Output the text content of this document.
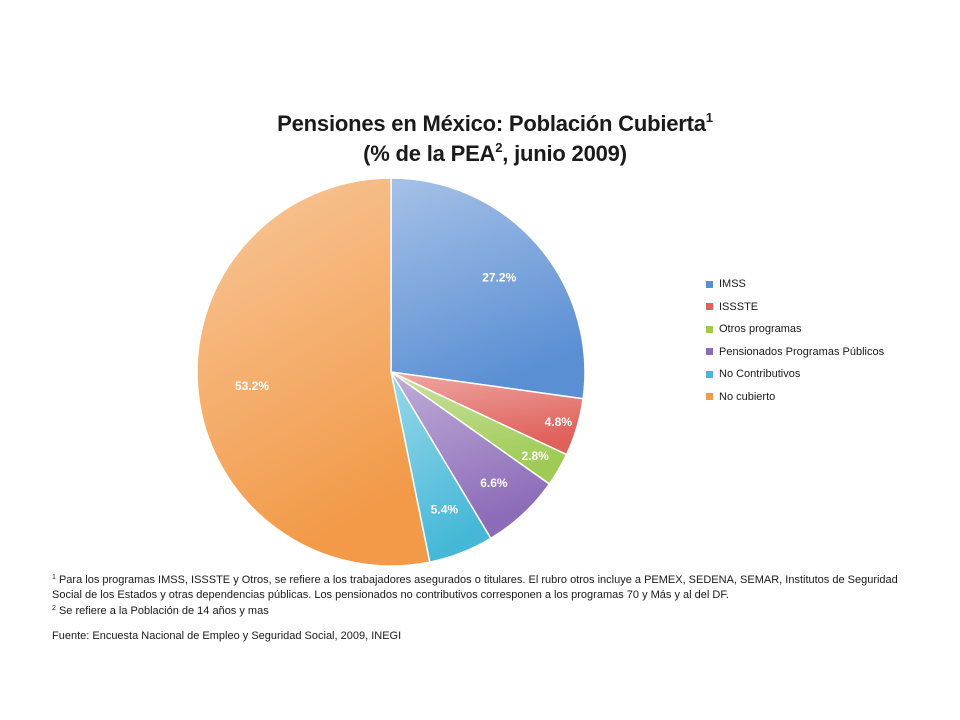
Pensiones en México: Población Cubierta$^1$
(% de la PEA$^2$, junio 2009)
27.2%
4.8%
2.8%
6.6%
5.4%
53.2%
IMSS
ISSSTE
Otros programas
Pensionados Programas Públicos
No Contributivos
No cubierto
$^1$ Para los programas IMSS, ISSSTE y Otros, se refiere a los trabajadores asegurados o titulares. El rubro otros incluye a PEMEX, SEDENA, SEMAR, Institutos de Seguridad Social de los Estados y otras dependencias públicas. Los pensionados no contributivos corresponen a los programas 70 y Más y al del DF.
$^2$ Se refiere a la Población de 14 años y mas
Fuente: Encuesta Nacional de Empleo y Seguridad Social, 2009, INEGI
